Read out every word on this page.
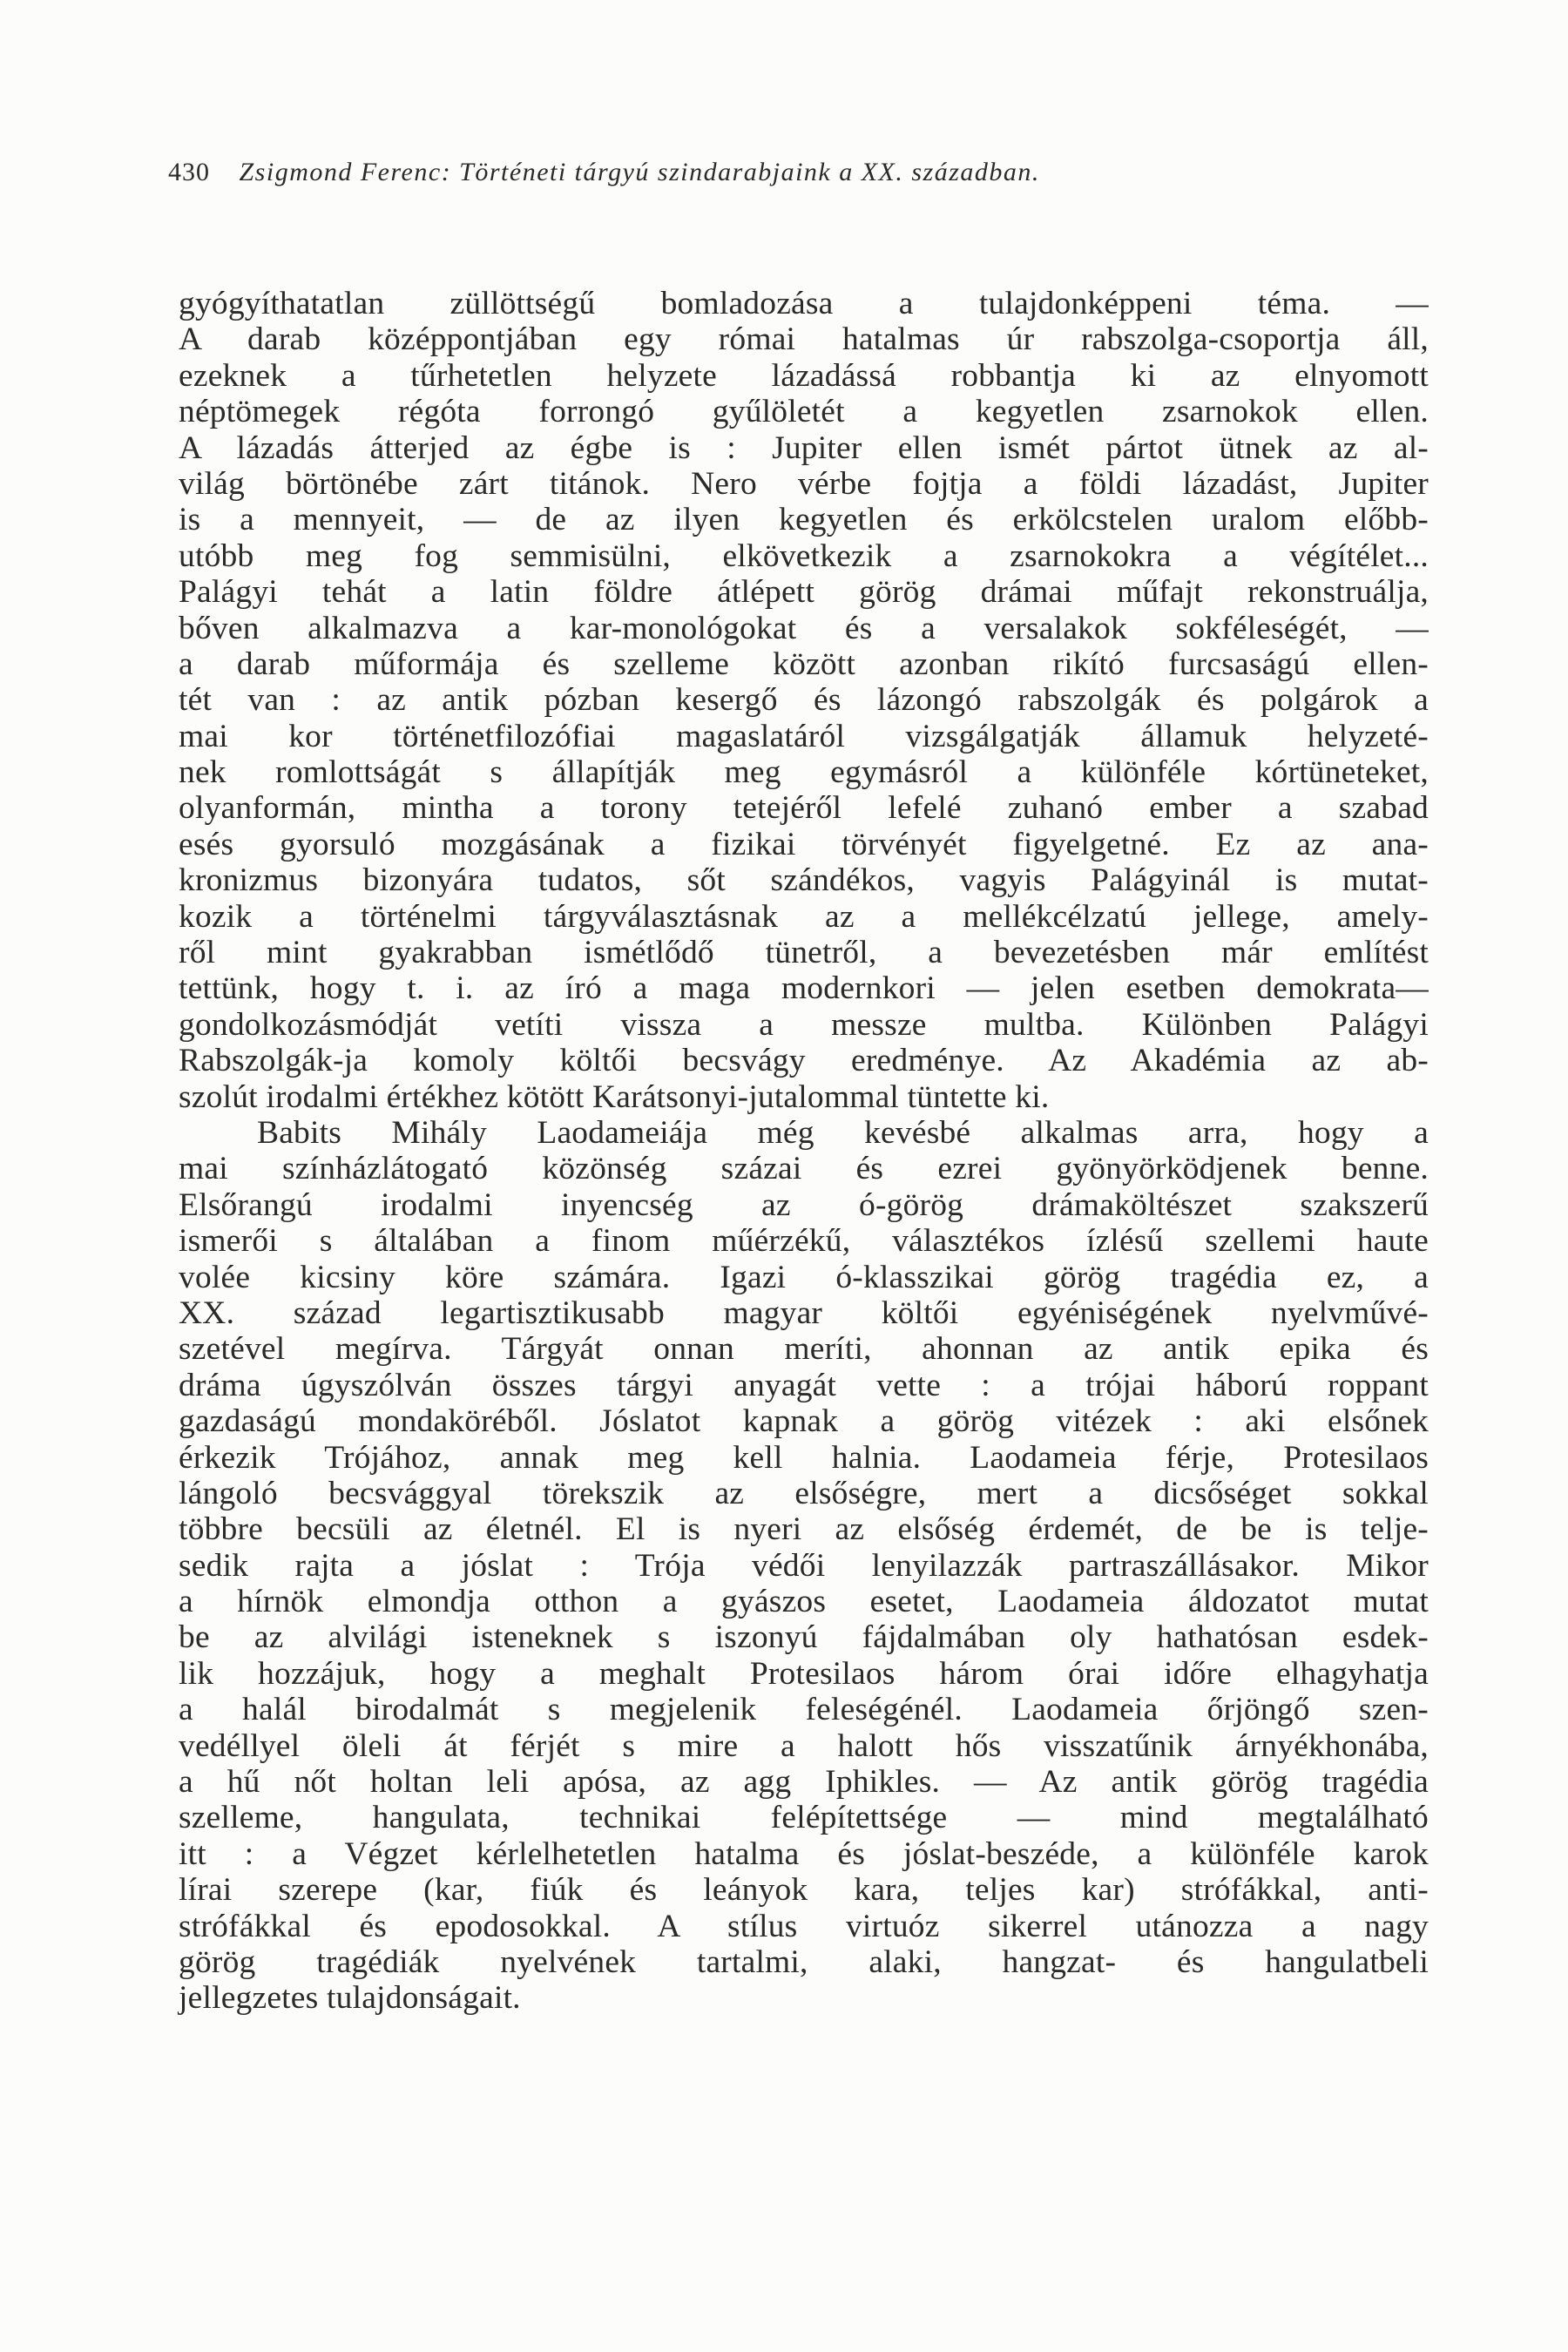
430 Zsigmond Ferenc: Történeti tárgyú szindarabjaink a XX. században.
gyógyíthatatlan züllöttségű bomladozása a tulajdonképpeni téma. —
A darab középpontjában egy római hatalmas úr rabszolga-csoportja áll,
ezeknek a tűrhetetlen helyzete lázadássá robbantja ki az elnyomott
néptömegek régóta forrongó gyűlöletét a kegyetlen zsarnokok ellen.
A lázadás átterjed az égbe is : Jupiter ellen ismét pártot ütnek az al-
világ börtönébe zárt titánok. Nero vérbe fojtja a földi lázadást, Jupiter
is a mennyeit, — de az ilyen kegyetlen és erkölcstelen uralom előbb-
utóbb meg fog semmisülni, elkövetkezik a zsarnokokra a végítélet...
Palágyi tehát a latin földre átlépett görög drámai műfajt rekonstruálja,
bőven alkalmazva a kar-monológokat és a versalakok sokféleségét, —
a darab műformája és szelleme között azonban rikító furcsaságú ellen-
tét van : az antik pózban kesergő és lázongó rabszolgák és polgárok a
mai kor történetfilozófiai magaslatáról vizsgálgatják államuk helyzeté-
nek romlottságát s állapítják meg egymásról a különféle kórtüneteket,
olyanformán, mintha a torony tetejéről lefelé zuhanó ember a szabad
esés gyorsuló mozgásának a fizikai törvényét figyelgetné. Ez az ana-
kronizmus bizonyára tudatos, sőt szándékos, vagyis Palágyinál is mutat-
kozik a történelmi tárgyválasztásnak az a mellékcélzatú jellege, amely-
ről mint gyakrabban ismétlődő tünetről, a bevezetésben már említést
tettünk, hogy t. i. az író a maga modernkori — jelen esetben demokrata—
gondolkozásmódját vetíti vissza a messze multba. Különben Palágyi
Rabszolgák-ja komoly költői becsvágy eredménye. Az Akadémia az ab-
szolút irodalmi értékhez kötött Karátsonyi-jutalommal tüntette ki.
Babits Mihály Laodameiája még kevésbé alkalmas arra, hogy a
mai színházlátogató közönség százai és ezrei gyönyörködjenek benne.
Elsőrangú irodalmi inyencség az ó-görög drámaköltészet szakszerű
ismerői s általában a finom műérzékű, választékos ízlésű szellemi haute
volée kicsiny köre számára. Igazi ó-klasszikai görög tragédia ez, a
XX. század legartisztikusabb magyar költői egyéniségének nyelvművé-
szetével megírva. Tárgyát onnan meríti, ahonnan az antik epika és
dráma úgyszólván összes tárgyi anyagát vette : a trójai háború roppant
gazdaságú mondaköréből. Jóslatot kapnak a görög vitézek : aki elsőnek
érkezik Trójához, annak meg kell halnia. Laodameia férje, Protesilaos
lángoló becsvággyal törekszik az elsőségre, mert a dicsőséget sokkal
többre becsüli az életnél. El is nyeri az elsőség érdemét, de be is telje-
sedik rajta a jóslat : Trója védői lenyilazzák partraszállásakor. Mikor
a hírnök elmondja otthon a gyászos esetet, Laodameia áldozatot mutat
be az alvilági isteneknek s iszonyú fájdalmában oly hathatósan esdek-
lik hozzájuk, hogy a meghalt Protesilaos három órai időre elhagyhatja
a halál birodalmát s megjelenik feleségénél. Laodameia őrjöngő szen-
vedéllyel öleli át férjét s mire a halott hős visszatűnik árnyékhonába,
a hű nőt holtan leli apósa, az agg Iphikles. — Az antik görög tragédia
szelleme, hangulata, technikai felépítettsége — mind megtalálható
itt : a Végzet kérlelhetetlen hatalma és jóslat-beszéde, a különféle karok
lírai szerepe (kar, fiúk és leányok kara, teljes kar) strófákkal, anti-
strófákkal és epodosokkal. A stílus virtuóz sikerrel utánozza a nagy
görög tragédiák nyelvének tartalmi, alaki, hangzat- és hangulatbeli
jellegzetes tulajdonságait.
